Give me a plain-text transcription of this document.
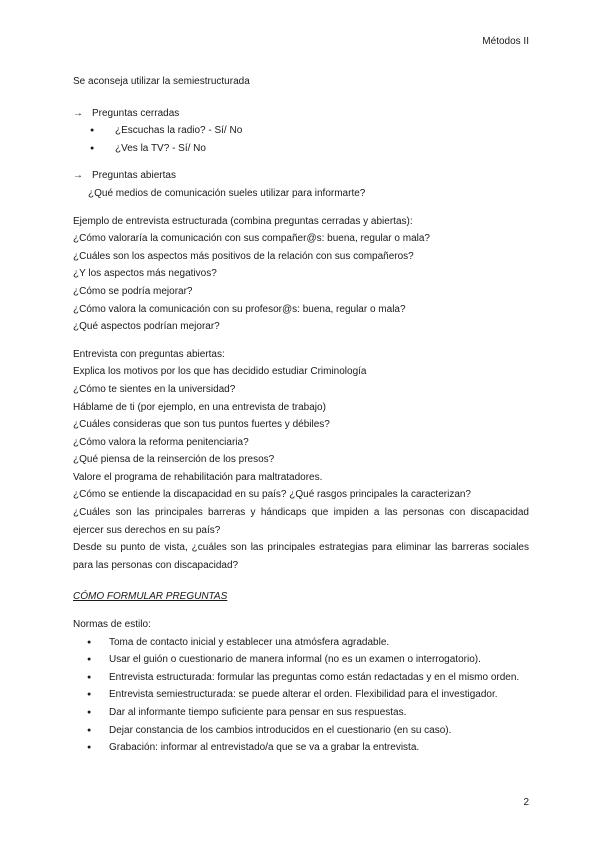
Métodos II

Se aconseja utilizar la semiestructurada

→ Preguntas cerradas
● ¿Escuchas la radio? - Sí/ No
● ¿Ves la TV? - Sí/ No
→ Preguntas abiertas

¿Qué medios de comunicación sueles utilizar para informarte?

Ejemplo de entrevista estructurada (combina preguntas cerradas y abiertas):

¿Cómo valoraría la comunicación con sus compañer@s: buena, regular o mala?

¿Cuáles son los aspectos más positivos de la relación con sus compañeros?

¿Y los aspectos más negativos?

¿Cómo se podría mejorar?

¿Cómo valora la comunicación con su profesor@s: buena, regular o mala?

¿Qué aspectos podrían mejorar?

Entrevista con preguntas abiertas:

Explica los motivos por los que has decidido estudiar Criminología

¿Cómo te sientes en la universidad?

Háblame de ti (por ejemplo, en una entrevista de trabajo)

¿Cuáles consideras que son tus puntos fuertes y débiles?

¿Cómo valora la reforma penitenciaria?

¿Qué piensa de la reinserción de los presos?

Valore el programa de rehabilitación para maltratadores.

¿Cómo se entiende la discapacidad en su país? ¿Qué rasgos principales la caracterizan?

¿Cuáles son las principales barreras y hándicaps que impiden a las personas con discapacidad ejercer sus derechos en su país?

Desde su punto de vista, ¿cuáles son las principales estrategias para eliminar las barreras sociales para las personas con discapacidad?

CÓMO FORMULAR PREGUNTAS

Normas de estilo:

● Toma de contacto inicial y establecer una atmósfera agradable.
● Usar el guión o cuestionario de manera informal (no es un examen o interrogatorio).
● Entrevista estructurada: formular las preguntas como están redactadas y en el mismo orden.
● Entrevista semiestructurada: se puede alterar el orden. Flexibilidad para el investigador.
● Dar al informante tiempo suficiente para pensar en sus respuestas.
● Dejar constancia de los cambios introducidos en el cuestionario (en su caso).
● Grabación: informar al entrevistado/a que se va a grabar la entrevista.
2
